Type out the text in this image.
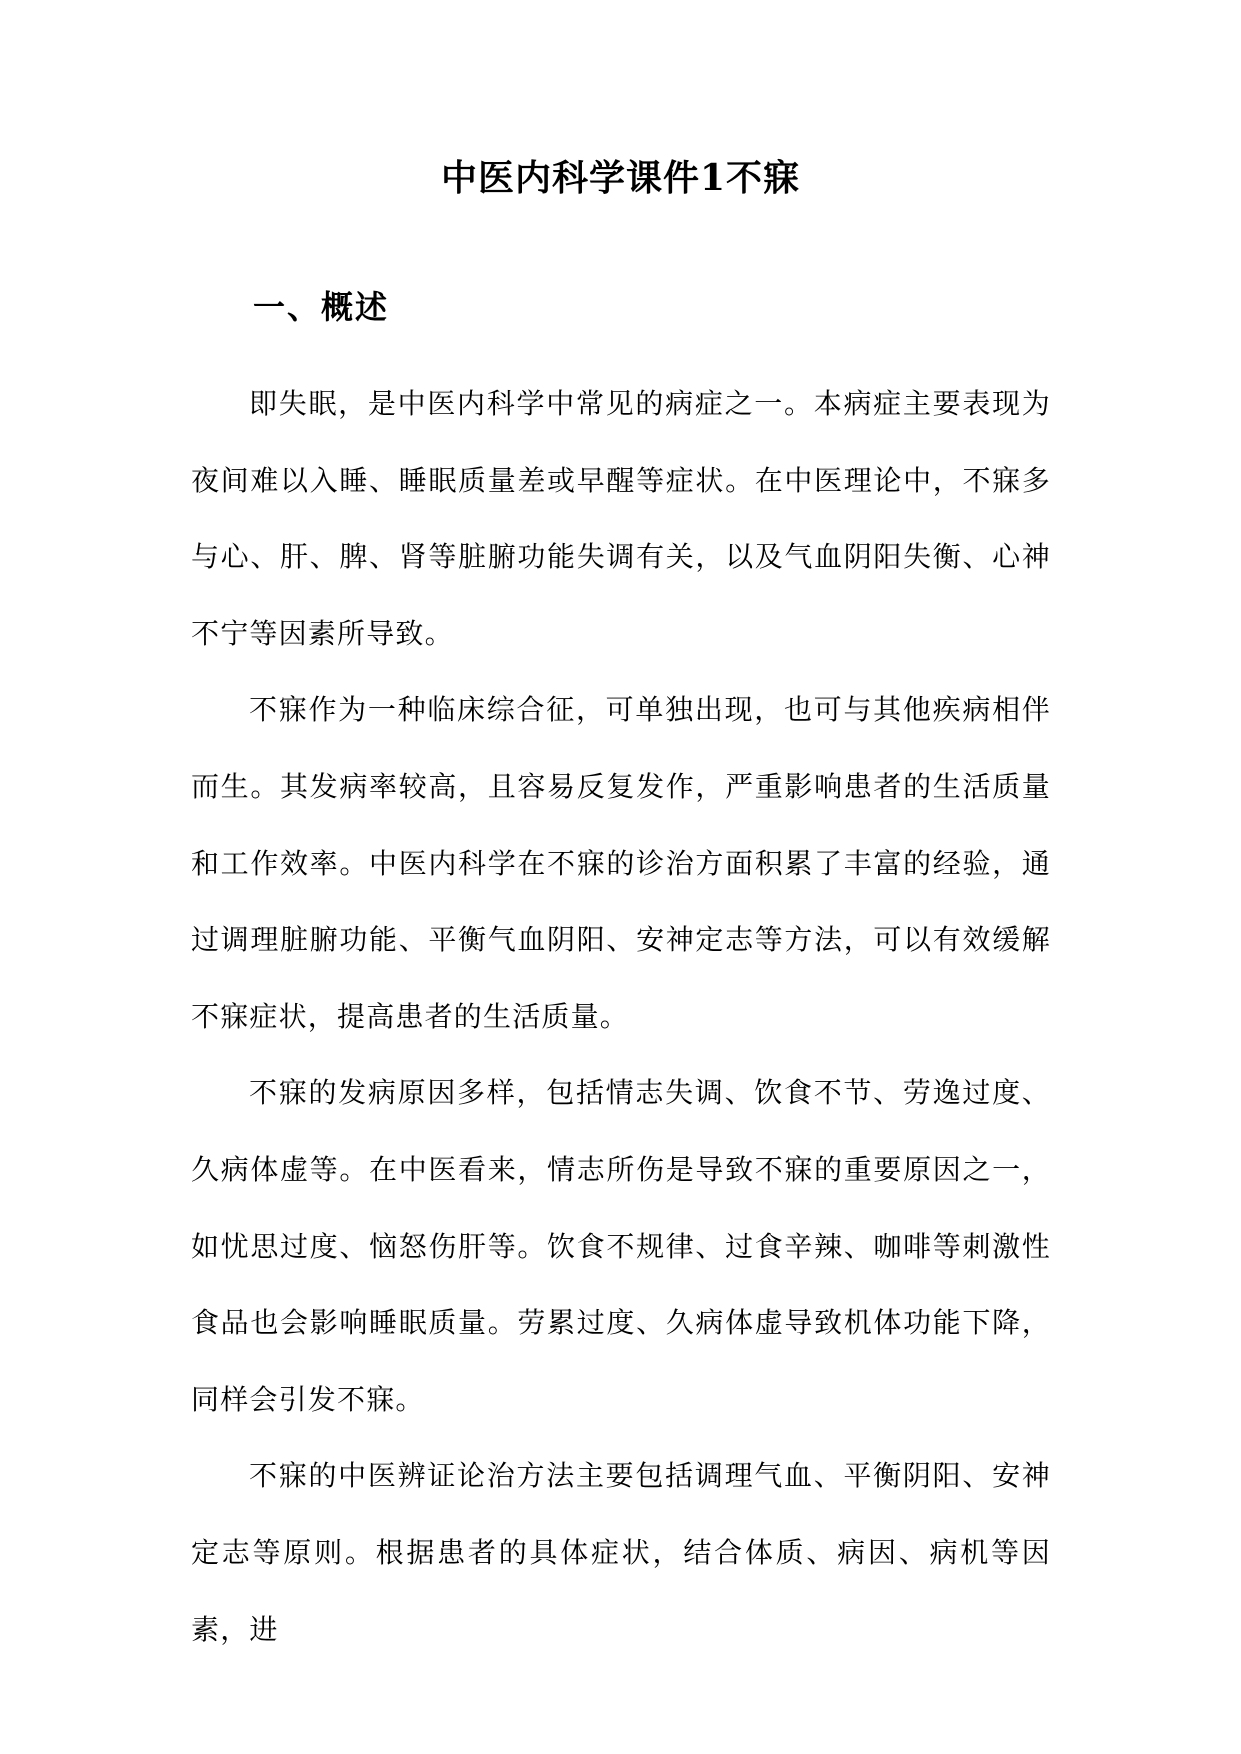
中医内科学课件1不寐
一、概述

即失眠，是中医内科学中常见的病症之一。本病症主要表现为夜间难以入睡、睡眠质量差或早醒等症状。在中医理论中，不寐多与心、肝、脾、肾等脏腑功能失调有关，以及气血阴阳失衡、心神不宁等因素所导致。

不寐作为一种临床综合征，可单独出现，也可与其他疾病相伴而生。其发病率较高，且容易反复发作，严重影响患者的生活质量和工作效率。中医内科学在不寐的诊治方面积累了丰富的经验，通过调理脏腑功能、平衡气血阴阳、安神定志等方法，可以有效缓解不寐症状，提高患者的生活质量。

不寐的发病原因多样，包括情志失调、饮食不节、劳逸过度、久病体虚等。在中医看来，情志所伤是导致不寐的重要原因之一，如忧思过度、恼怒伤肝等。饮食不规律、过食辛辣、咖啡等刺激性食品也会影响睡眠质量。劳累过度、久病体虚导致机体功能下降，同样会引发不寐。

不寐的中医辨证论治方法主要包括调理气血、平衡阴阳、安神定志等原则。根据患者的具体症状，结合体质、病因、病机等因素，进
